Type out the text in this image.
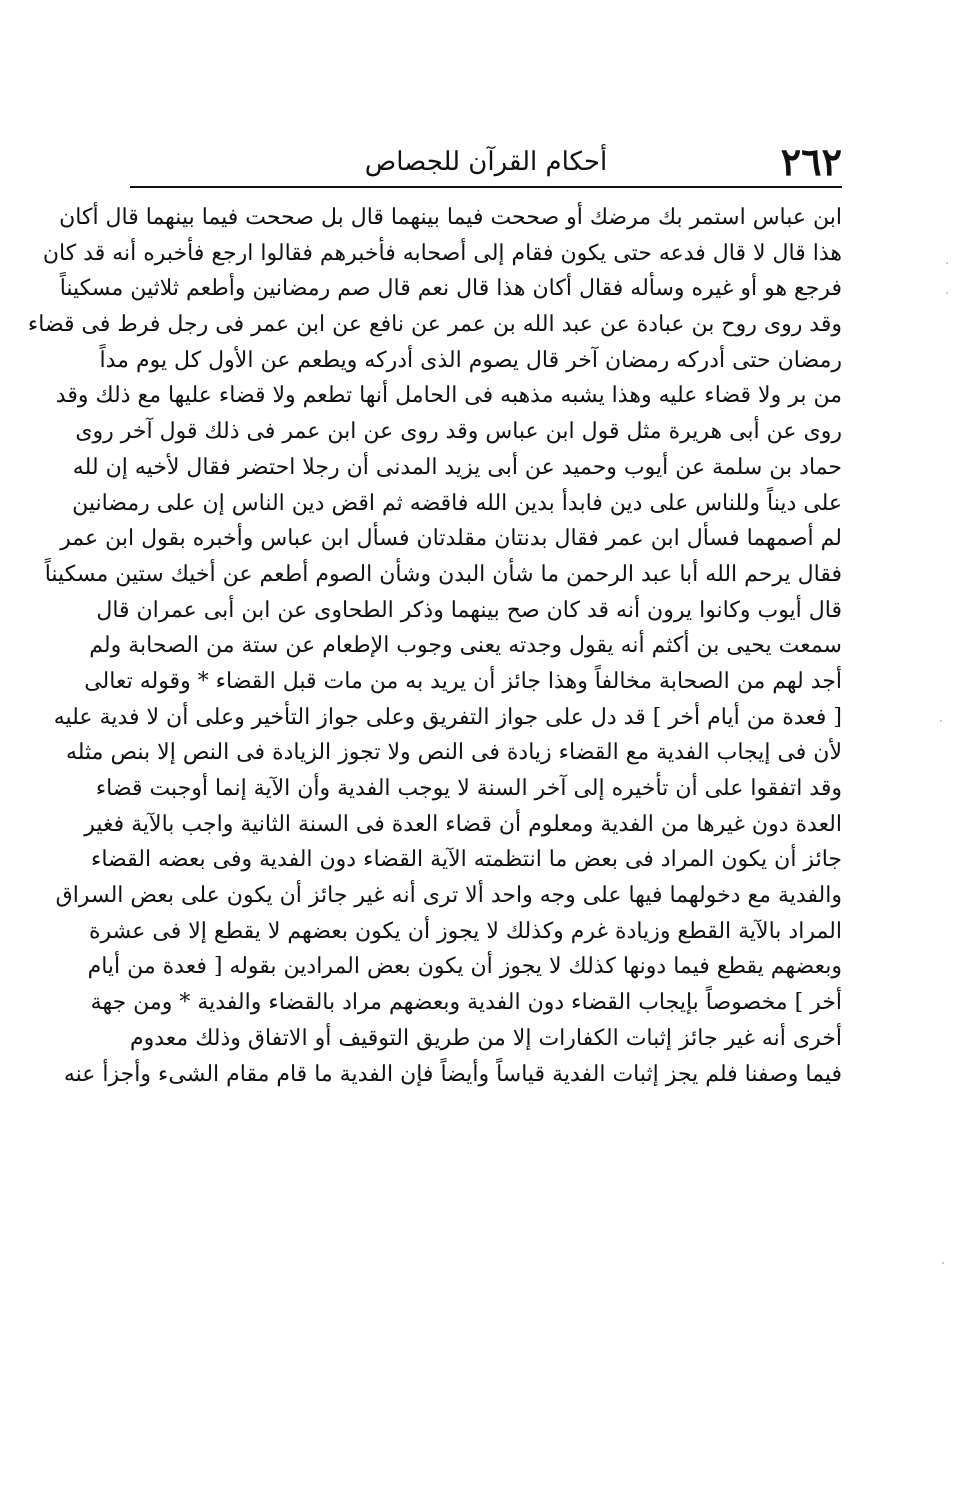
٢٦٢
أحكام القرآن للجصاص
ابن عباس استمر بك مرضك أو صححت فيما بينهما قال بل صححت فيما بينهما قال أكان
هذا قال لا قال فدعه حتى يكون فقام إلى أصحابه فأخبرهم فقالوا ارجع فأخبره أنه قد كان
فرجع هو أو غيره وسأله فقال أكان هذا قال نعم قال صم رمضانين وأطعم ثلاثين مسكيناً
وقد روى روح بن عبادة عن عبد الله بن عمر عن نافع عن ابن عمر فى رجل فرط فى قضاء
رمضان حتى أدركه رمضان آخر قال يصوم الذى أدركه ويطعم عن الأول كل يوم مداً
من بر ولا قضاء عليه وهذا يشبه مذهبه فى الحامل أنها تطعم ولا قضاء عليها مع ذلك وقد
روى عن أبى هريرة مثل قول ابن عباس وقد روى عن ابن عمر فى ذلك قول آخر روى
حماد بن سلمة عن أيوب وحميد عن أبى يزيد المدنى أن رجلا احتضر فقال لأخيه إن لله
على ديناً وللناس على دين فابدأ بدين الله فاقضه ثم اقض دين الناس إن على رمضانين
لم أصمهما فسأل ابن عمر فقال بدنتان مقلدتان فسأل ابن عباس وأخبره بقول ابن عمر
فقال يرحم الله أبا عبد الرحمن ما شأن البدن وشأن الصوم أطعم عن أخيك ستين مسكيناً
قال أيوب وكانوا يرون أنه قد كان صح بينهما وذكر الطحاوى عن ابن أبى عمران قال
سمعت يحيى بن أكثم أنه يقول وجدته يعنى وجوب الإطعام عن ستة من الصحابة ولم
أجد لهم من الصحابة مخالفاً وهذا جائز أن يريد به من مات قبل القضاء * وقوله تعالى
[ فعدة من أيام أخر ] قد دل على جواز التفريق وعلى جواز التأخير وعلى أن لا فدية عليه
لأن فى إيجاب الفدية مع القضاء زيادة فى النص ولا تجوز الزيادة فى النص إلا بنص مثله
وقد اتفقوا على أن تأخيره إلى آخر السنة لا يوجب الفدية وأن الآية إنما أوجبت قضاء
العدة دون غيرها من الفدية ومعلوم أن قضاء العدة فى السنة الثانية واجب بالآية فغير
جائز أن يكون المراد فى بعض ما انتظمته الآية القضاء دون الفدية وفى بعضه القضاء
والفدية مع دخولهما فيها على وجه واحد ألا ترى أنه غير جائز أن يكون على بعض السراق
المراد بالآية القطع وزيادة غرم وكذلك لا يجوز أن يكون بعضهم لا يقطع إلا فى عشرة
وبعضهم يقطع فيما دونها كذلك لا يجوز أن يكون بعض المرادين بقوله [ فعدة من أيام
أخر ] مخصوصاً بإيجاب القضاء دون الفدية وبعضهم مراد بالقضاء والفدية * ومن جهة
أخرى أنه غير جائز إثبات الكفارات إلا من طريق التوقيف أو الاتفاق وذلك معدوم
فيما وصفنا فلم يجز إثبات الفدية قياساً وأيضاً فإن الفدية ما قام مقام الشىء وأجزأ عنه
